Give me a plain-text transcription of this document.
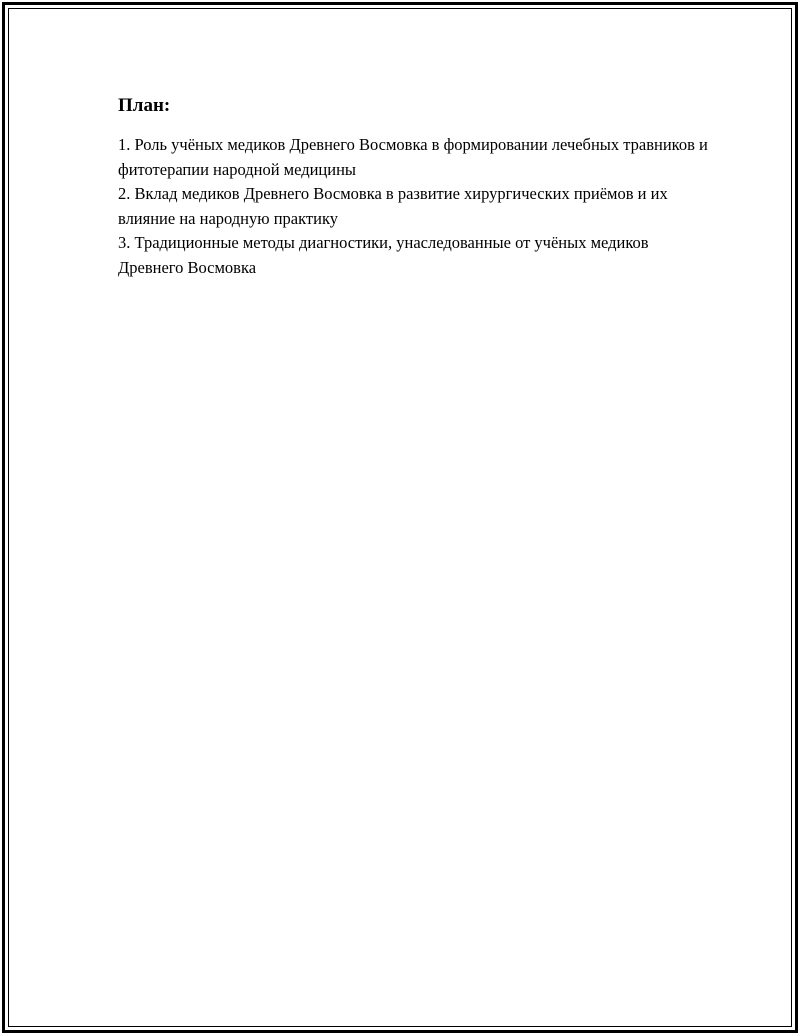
План:
1. Роль учёных медиков Древнего Восмовка в формировании лечебных травников и фитотерапии народной медицины
2. Вклад медиков Древнего Восмовка в развитие хирургических приёмов и их влияние на народную практику
3. Традиционные методы диагностики, унаследованные от учёных медиков Древнего Восмовка
